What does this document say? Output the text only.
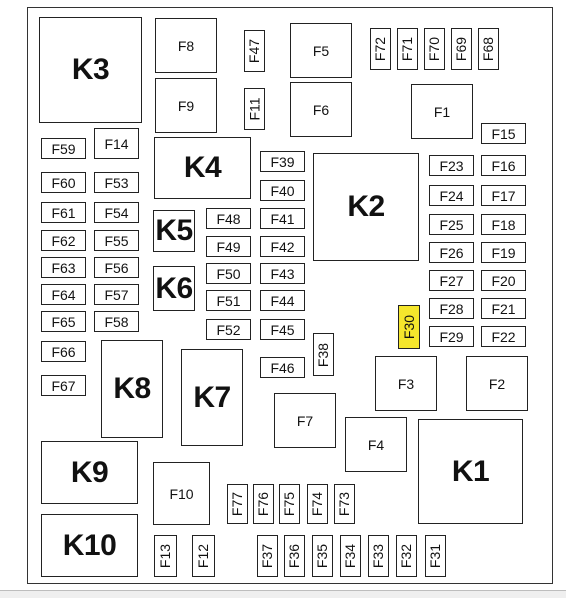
K3
K4
K5
K6
K2
K8	K7
K9
K10
K1
F8
F9
F5
F6	F1
F3	F2
F7
F4
F10
F47	F72 F71 F70 F69 F68
F11
F14
F59
F60	F53
F61	F54
F62	F55
F63	F56
F64	F57
F65	F58
F66
F67
F39
F40
F48	F41
F49	F42
F50	F43
F51	F44
F52	F45
F46
F38
F15
F23	F16
F24	F17
F25	F18
F26	F19
F27	F20
F28	F21
F29	F22
F30
F77 F76 F75 F74 F73
F13 F12	F37 F36 F35 F34 F33 F32 F31
